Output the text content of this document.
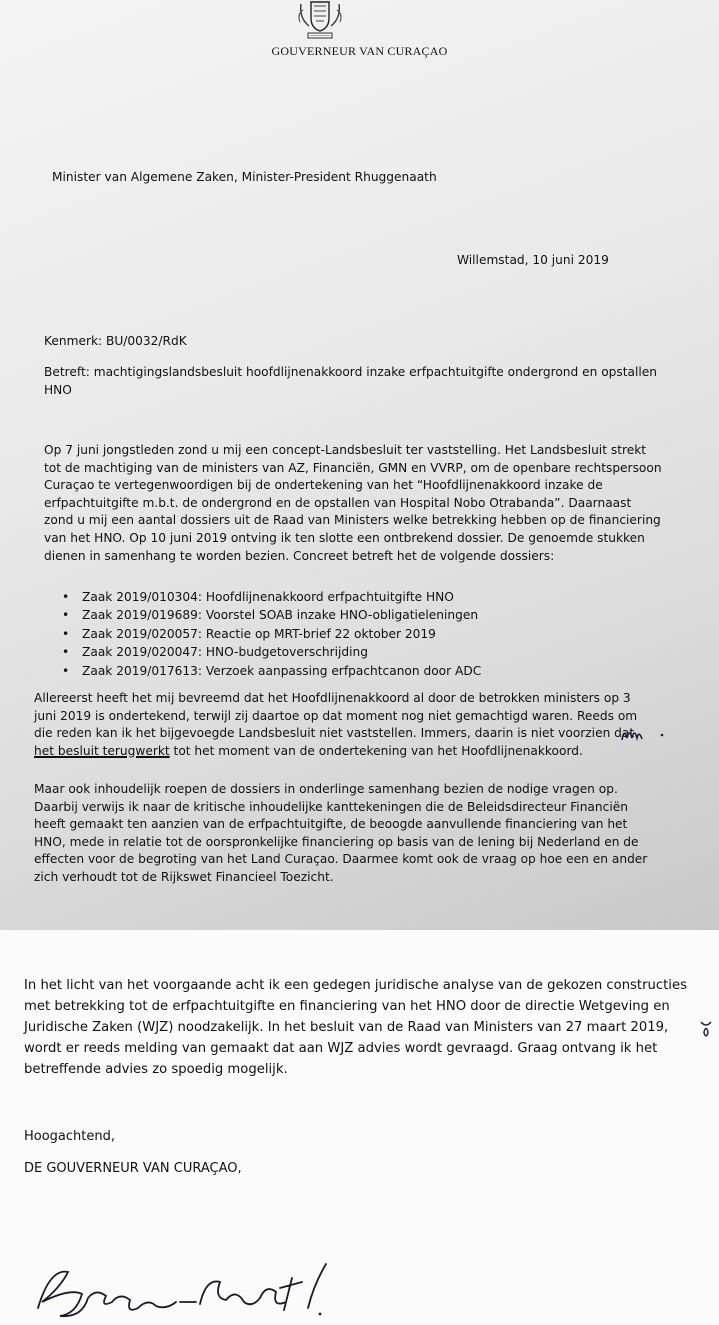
GOUVERNEUR VAN CURAÇAO
Minister van Algemene Zaken, Minister-President Rhuggenaath
Willemstad, 10 juni 2019
Kenmerk: BU/0032/RdK
Betreft: machtigingslandsbesluit hoofdlijnenakkoord inzake erfpachtuitgifte ondergrond en opstallen
HNO
Op 7 juni jongstleden zond u mij een concept-Landsbesluit ter vaststelling. Het Landsbesluit strekt
tot de machtiging van de ministers van AZ, Financiën, GMN en VVRP, om de openbare rechtspersoon
Curaçao te vertegenwoordigen bij de ondertekening van het “Hoofdlijnenakkoord inzake de
erfpachtuitgifte m.b.t. de ondergrond en de opstallen van Hospital Nobo Otrabanda”. Daarnaast
zond u mij een aantal dossiers uit de Raad van Ministers welke betrekking hebben op de financiering
van het HNO. Op 10 juni 2019 ontving ik ten slotte een ontbrekend dossier. De genoemde stukken
dienen in samenhang te worden bezien. Concreet betreft het de volgende dossiers:
• Zaak 2019/010304: Hoofdlijnenakkoord erfpachtuitgifte HNO
• Zaak 2019/019689: Voorstel SOAB inzake HNO-obligatieleningen
• Zaak 2019/020057: Reactie op MRT-brief 22 oktober 2019
• Zaak 2019/020047: HNO-budgetoverschrijding
• Zaak 2019/017613: Verzoek aanpassing erfpachtcanon door ADC
Allereerst heeft het mij bevreemd dat het Hoofdlijnenakkoord al door de betrokken ministers op 3
juni 2019 is ondertekend, terwijl zij daartoe op dat moment nog niet gemachtigd waren. Reeds om
die reden kan ik het bijgevoegde Landsbesluit niet vaststellen. Immers, daarin is niet voorzien dat
het besluit terugwerkt tot het moment van de ondertekening van het Hoofdlijnenakkoord.
Maar ook inhoudelijk roepen de dossiers in onderlinge samenhang bezien de nodige vragen op.
Daarbij verwijs ik naar de kritische inhoudelijke kanttekeningen die de Beleidsdirecteur Financiën
heeft gemaakt ten aanzien van de erfpachtuitgifte, de beoogde aanvullende financiering van het
HNO, mede in relatie tot de oorspronkelijke financiering op basis van de lening bij Nederland en de
effecten voor de begroting van het Land Curaçao. Daarmee komt ook de vraag op hoe een en ander
zich verhoudt tot de Rijkswet Financieel Toezicht.
In het licht van het voorgaande acht ik een gedegen juridische analyse van de gekozen constructies
met betrekking tot de erfpachtuitgifte en financiering van het HNO door de directie Wetgeving en
Juridische Zaken (WJZ) noodzakelijk. In het besluit van de Raad van Ministers van 27 maart 2019,
wordt er reeds melding van gemaakt dat aan WJZ advies wordt gevraagd. Graag ontvang ik het
betreffende advies zo spoedig mogelijk.
Hoogachtend,
DE GOUVERNEUR VAN CURAÇAO,
